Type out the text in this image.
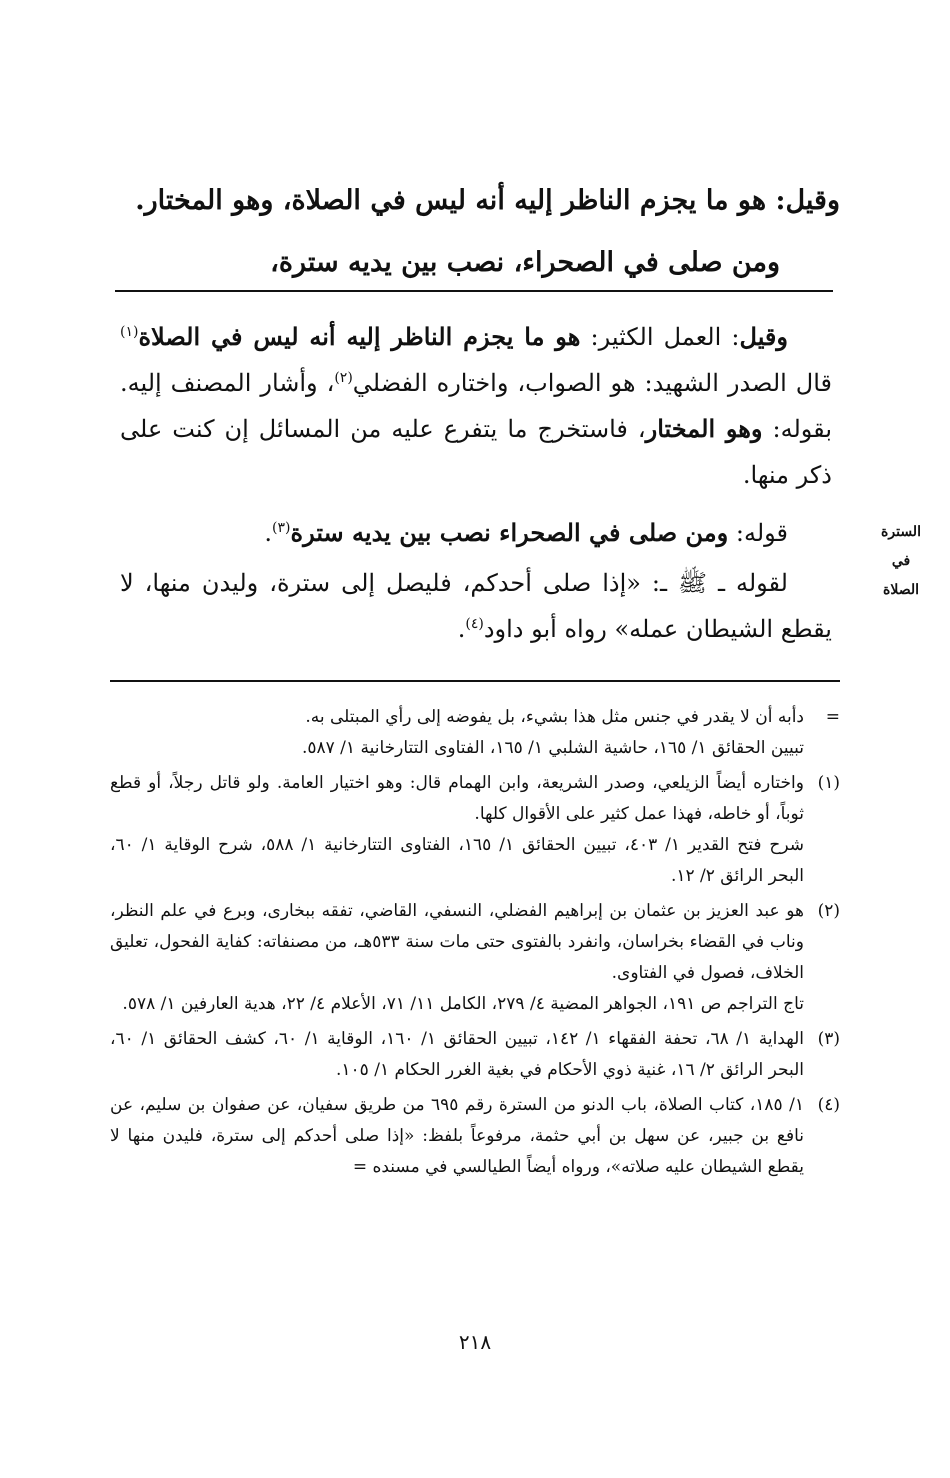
وقيل: هو ما يجزم الناظر إليه أنه ليس في الصلاة، وهو المختار.
ومن صلى في الصحراء، نصب بين يديه سترة،

وقيل: العمل الكثير: هو ما يجزم الناظر إليه أنه ليس في الصلاة$^{(١)}$ قال الصدر الشهيد: هو الصواب، واختاره الفضلي$^{(٢)}$، وأشار المصنف إليه. بقوله: وهو المختار، فاستخرج ما يتفرع عليه من المسائل إن كنت على ذكر منها.

قوله: ومن صلى في الصحراء نصب بين يديه سترة$^{(٣)}$.

لقوله ـ ﷺ ـ: «إذا صلى أحدكم، فليصل إلى سترة، وليدن منها، لا يقطع الشيطان عمله» رواه أبو داود$^{(٤)}$.

السترة
في
الصلاة
=

دأبه أن لا يقدر في جنس مثل هذا بشيء، بل يفوضه إلى رأي المبتلى به.

تبيين الحقائق ١/ ١٦٥، حاشية الشلبي ١/ ١٦٥، الفتاوى التتارخانية ١/ ٥٨٧.

(١)

واختاره أيضاً الزيلعي، وصدر الشريعة، وابن الهمام قال: وهو اختيار العامة. ولو قاتل رجلاً، أو قطع ثوباً، أو خاطه، فهذا عمل كثير على الأقوال كلها.

شرح فتح القدير ١/ ٤٠٣، تبيين الحقائق ١/ ١٦٥، الفتاوى التتارخانية ١/ ٥٨٨، شرح الوقاية ١/ ٦٠، البحر الرائق ٢/ ١٢.

(٢)

هو عبد العزيز بن عثمان بن إبراهيم الفضلي، النسفي، القاضي، تفقه ببخارى، وبرع في علم النظر، وناب في القضاء بخراسان، وانفرد بالفتوى حتى مات سنة ٥٣٣هـ، من مصنفاته: كفاية الفحول، تعليق الخلاف، فصول في الفتاوى.

تاج التراجم ص ١٩١، الجواهر المضية ٤/ ٢٧٩، الكامل ١١/ ٧١، الأعلام ٤/ ٢٢، هدية العارفين ١/ ٥٧٨.

(٣)

الهداية ١/ ٦٨، تحفة الفقهاء ١/ ١٤٢، تبيين الحقائق ١/ ١٦٠، الوقاية ١/ ٦٠، كشف الحقائق ١/ ٦٠، البحر الرائق ٢/ ١٦، غنية ذوي الأحكام في بغية الغرر الحكام ١/ ١٠٥.

(٤)

١/ ١٨٥، كتاب الصلاة، باب الدنو من السترة رقم ٦٩٥ من طريق سفيان، عن صفوان بن سليم، عن نافع بن جبير، عن سهل بن أبي حثمة، مرفوعاً بلفظ: «إذا صلى أحدكم إلى سترة، فليدن منها لا يقطع الشيطان عليه صلاته»، ورواه أيضاً الطيالسي في مسنده =

٢١٨
